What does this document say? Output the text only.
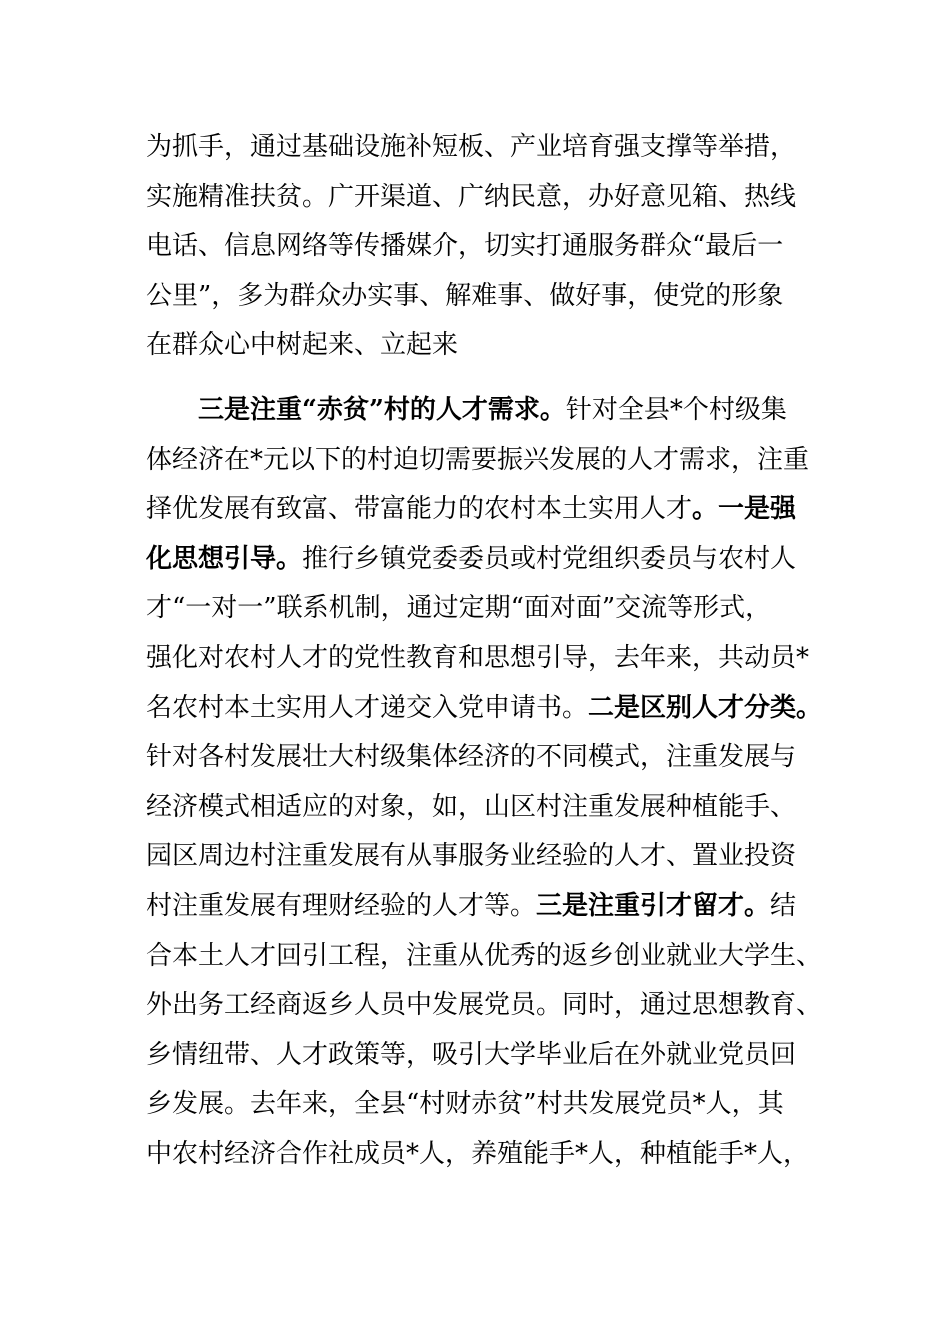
为抓手，通过基础设施补短板、产业培育强支撑等举措，
实施精准扶贫。广开渠道、广纳民意，办好意见箱、热线
电话、信息网络等传播媒介，切实打通服务群众“最后一
公里”，多为群众办实事、解难事、做好事，使党的形象
在群众心中树起来、立起来
三是注重“赤贫”村的人才需求。针对全县*个村级集
体经济在*元以下的村迫切需要振兴发展的人才需求，注重
择优发展有致富、带富能力的农村本土实用人才。一是强
化思想引导。推行乡镇党委委员或村党组织委员与农村人
才“一对一”联系机制，通过定期“面对面”交流等形式，
强化对农村人才的党性教育和思想引导，去年来，共动员*
名农村本土实用人才递交入党申请书。二是区别人才分类。
针对各村发展壮大村级集体经济的不同模式，注重发展与
经济模式相适应的对象，如，山区村注重发展种植能手、
园区周边村注重发展有从事服务业经验的人才、置业投资
村注重发展有理财经验的人才等。三是注重引才留才。结
合本土人才回引工程，注重从优秀的返乡创业就业大学生、
外出务工经商返乡人员中发展党员。同时，通过思想教育、
乡情纽带、人才政策等，吸引大学毕业后在外就业党员回
乡发展。去年来，全县“村财赤贫”村共发展党员*人，其
中农村经济合作社成员*人，养殖能手*人，种植能手*人，
